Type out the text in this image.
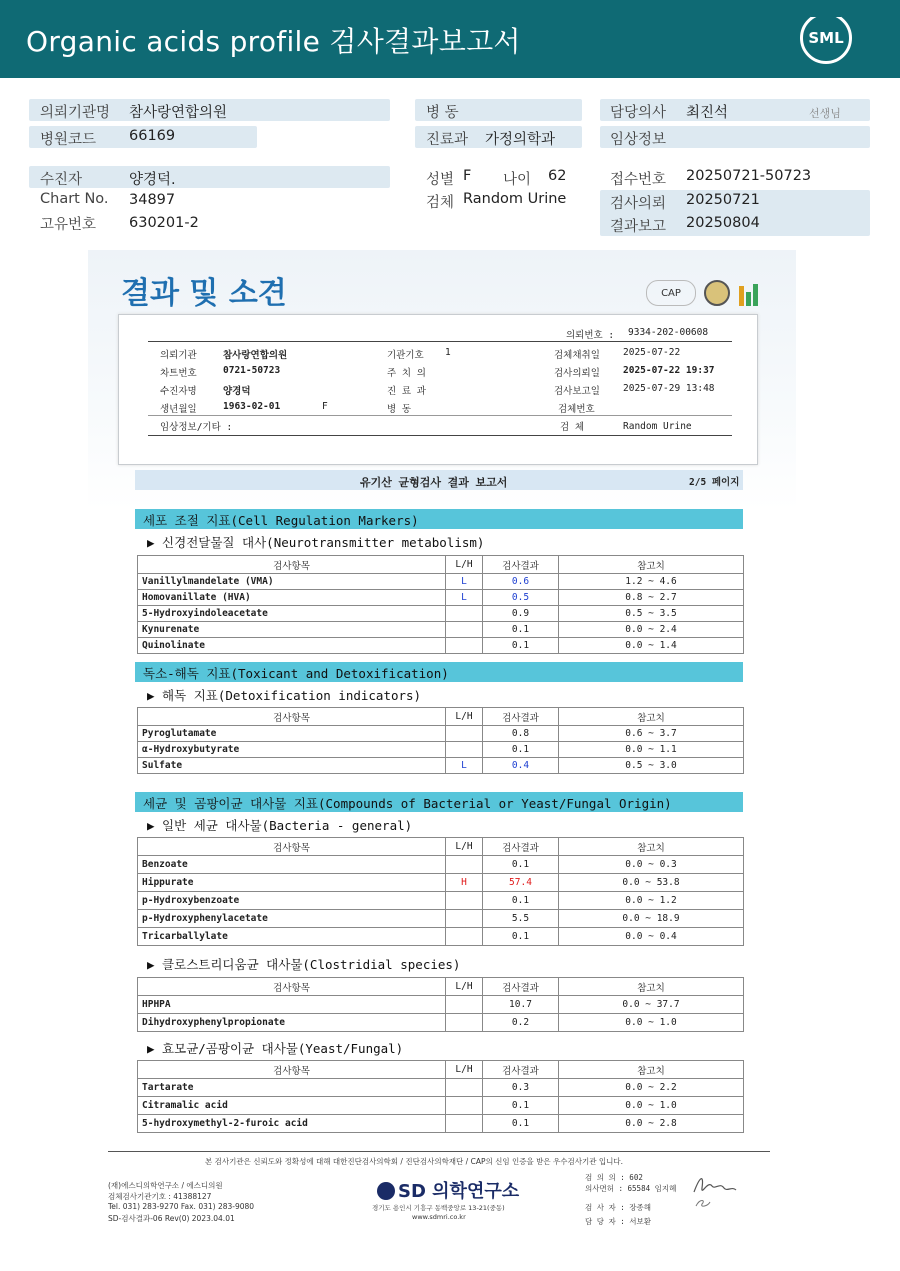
Organic acids profile 검사결과보고서	SML
의뢰기관명 참사랑연합의원
병원코드 66169
병 동
진료과 가정의학과
담당의사 최진석	선생님
임상정보
수진자	양경덕.
Chart No. 34897
고유번호 630201-2
성별 F 나이 62
검체 Random Urine
접수번호 20250721-50723
검사의뢰 20250721
결과보고 20250804
결과 및 소견	CAP
의뢰번호 : 9334-202-00608
의뢰기관	참사랑연합의원	기관기호 1	검체채취일 2025-07-22
차트번호	0721-50723	주 치 의	검사의뢰일 2025-07-22 19:37
수진자명	양경덕	진 료 과	검사보고일 2025-07-29 13:48
생년월일	1963-02-01	F	병 동	검체번호
임상정보/기타 :	검 체	Random Urine
유기산 균형검사 결과 보고서	2/5 페이지
세포 조절 지표(Cell Regulation Markers)
▶ 신경전달물질 대사(Neurotransmitter metabolism)
검사항목	L/H	검사결과	참고치
Vanillylmandelate (VMA)	L	0.6	1.2 ~ 4.6
Homovanillate (HVA)	L	0.5	0.8 ~ 2.7
5-Hydroxyindoleacetate		0.9	0.5 ~ 3.5
Kynurenate		0.1	0.0 ~ 2.4
Quinolinate		0.1	0.0 ~ 1.4
독소-해독 지표(Toxicant and Detoxification)
▶ 해독 지표(Detoxification indicators)
검사항목	L/H	검사결과	참고치
Pyroglutamate		0.8	0.6 ~ 3.7
α-Hydroxybutyrate		0.1	0.0 ~ 1.1
Sulfate	L	0.4	0.5 ~ 3.0
세균 및 곰팡이균 대사물 지표(Compounds of Bacterial or Yeast/Fungal Origin)
▶ 일반 세균 대사물(Bacteria - general)
검사항목	L/H	검사결과	참고치
Benzoate		0.1	0.0 ~ 0.3
Hippurate	H	57.4	0.0 ~ 53.8
p-Hydroxybenzoate		0.1	0.0 ~ 1.2
p-Hydroxyphenylacetate		5.5	0.0 ~ 18.9
Tricarballylate		0.1	0.0 ~ 0.4
▶ 클로스트리디움균 대사물(Clostridial species)
검사항목	L/H	검사결과	참고치
HPHPA		10.7	0.0 ~ 37.7
Dihydroxyphenylpropionate		0.2	0.0 ~ 1.0
▶ 효모균/곰팡이균 대사물(Yeast/Fungal)
검사항목	L/H	검사결과	참고치
Tartarate		0.3	0.0 ~ 2.2
Citramalic acid		0.1	0.0 ~ 1.0
5-hydroxymethyl-2-furoic acid		0.1	0.0 ~ 2.8
본 검사기관은 신뢰도와 정확성에 대해 대한진단검사의학회 / 진단검사의학재단 / CAP의 신임 인증을 받은 우수검사기관 입니다.
(재)에스디의학연구소 / 에스디의원
검체검사기관기호 : 41388127
Tel. 031) 283-9270 Fax. 031) 283-9080
SD-검사결과-06 Rev(0) 2023.04.01
SD 의학연구소
경기도 용인시 기흥구 동백중앙로 13-21(중동)
www.sdmri.co.kr
검 의 의 : 602
의사면허 : 65584 임지혜
검 사 자 : 장종해
담 당 자 : 서보환
